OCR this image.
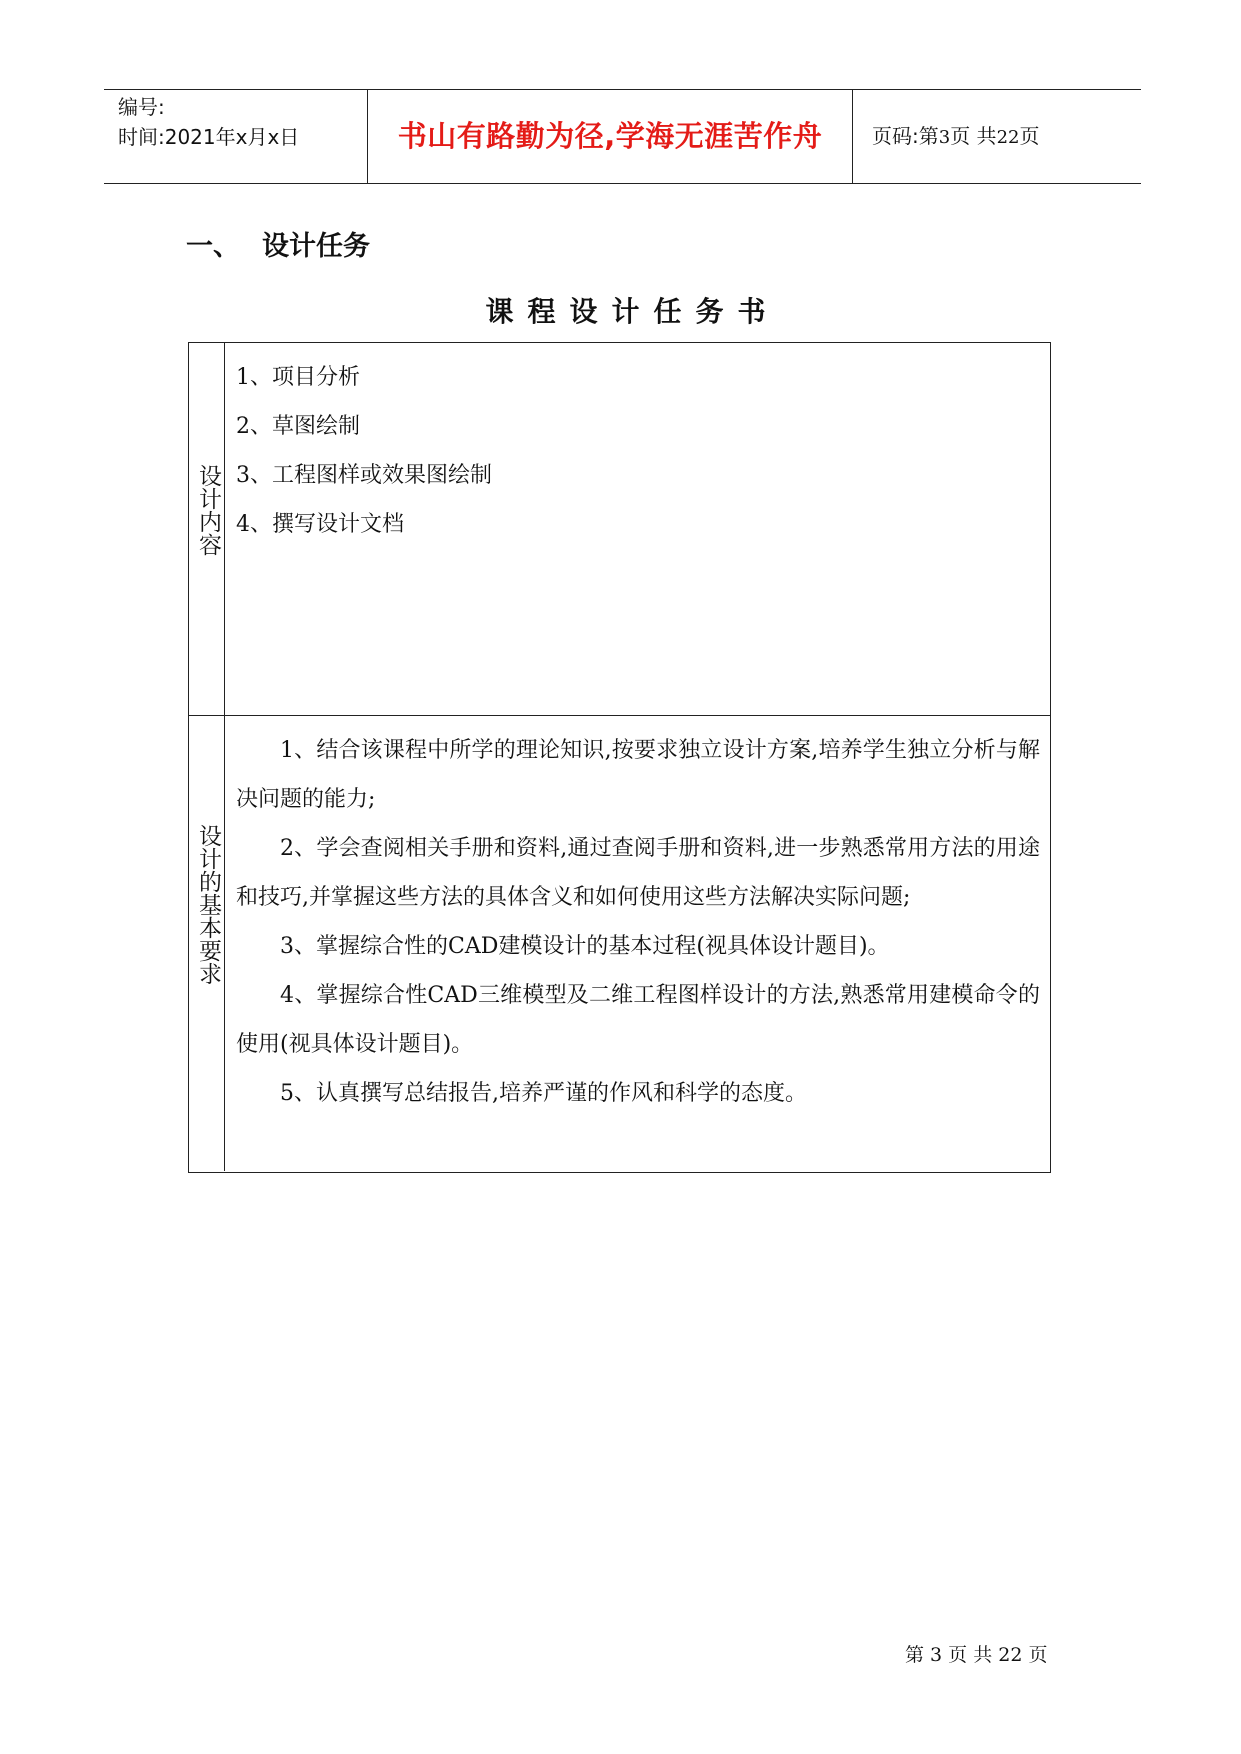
编号:
时间:2021年x月x日	书山有路勤为径,学海无涯苦作舟	页码:第3页 共22页
一、 设计任务
课程设计任务书
设计内容
1、项目分析
2、草图绘制
3、工程图样或效果图绘制
4、撰写设计文档
设计的基本要求
1、结合该课程中所学的理论知识,按要求独立设计方案,培养学生独立分析与解决问题的能力;
2、学会查阅相关手册和资料,通过查阅手册和资料,进一步熟悉常用方法的用途和技巧,并掌握这些方法的具体含义和如何使用这些方法解决实际问题;
3、掌握综合性的CAD建模设计的基本过程(视具体设计题目)。
4、掌握综合性CAD三维模型及二维工程图样设计的方法,熟悉常用建模命令的使用(视具体设计题目)。
5、认真撰写总结报告,培养严谨的作风和科学的态度。
第 3 页 共 22 页
